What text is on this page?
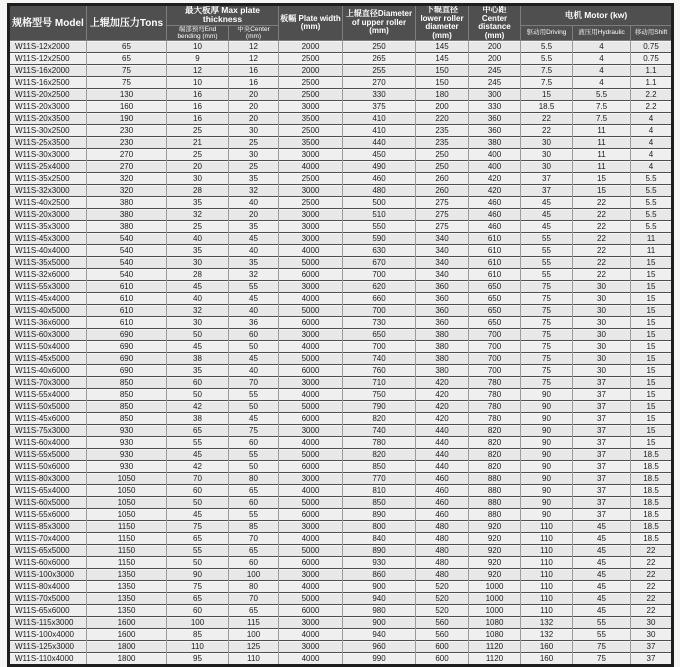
规格型号 Model	上辊加压力Tons	最大板厚 Max plate thickness		板幅 Plate width (mm)	上辊直径Diameter of upper roller (mm)	下辊直径 lower roller diameter (mm)	中心距 Center distance (mm)	电机 Motor (kw)		
		端部预弯End bending (mm)	中央Center (mm)					驱动用Driving	液压用Hydraulic	移动用Shift
W11S-12x2000	65	10	12	2000	250	145	200	5.5	4	0.75
W11S-12x2500	65	9	12	2500	265	145	200	5.5	4	0.75
W11S-16x2000	75	12	16	2000	255	150	245	7.5	4	1.1
W11S-16x2500	75	10	16	2500	270	150	245	7.5	4	1.1
W11S-20x2500	130	16	20	2500	330	180	300	15	5.5	2.2
W11S-20x3000	160	16	20	3000	375	200	330	18.5	7.5	2.2
W11S-20x3500	190	16	20	3500	410	220	360	22	7.5	4
W11S-30x2500	230	25	30	2500	410	235	360	22	11	4
W11S-25x3500	230	21	25	3500	440	235	380	30	11	4
W11S-30x3000	270	25	30	3000	450	250	400	30	11	4
W11S-25x4000	270	20	25	4000	490	250	400	30	11	4
W11S-35x2500	320	30	35	2500	460	260	420	37	15	5.5
W11S-32x3000	320	28	32	3000	480	260	420	37	15	5.5
W11S-40x2500	380	35	40	2500	500	275	460	45	22	5.5
W11S-20x3000	380	32	20	3000	510	275	460	45	22	5.5
W11S-35x3000	380	25	35	3000	550	275	460	45	22	5.5
W11S-45x3000	540	40	45	3000	590	340	610	55	22	11
W11S-40x4000	540	35	40	4000	630	340	610	55	22	11
W11S-35x5000	540	30	35	5000	670	340	610	55	22	15
W11S-32x6000	540	28	32	6000	700	340	610	55	22	15
W11S-55x3000	610	45	55	3000	620	360	650	75	30	15
W11S-45x4000	610	40	45	4000	660	360	650	75	30	15
W11S-40x5000	610	32	40	5000	700	360	650	75	30	15
W11S-36x6000	610	30	36	6000	730	360	650	75	30	15
W11S-60x3000	690	50	60	3000	650	380	700	75	30	15
W11S-50x4000	690	45	50	4000	700	380	700	75	30	15
W11S-45x5000	690	38	45	5000	740	380	700	75	30	15
W11S-40x6000	690	35	40	6000	760	380	700	75	30	15
W11S-70x3000	850	60	70	3000	710	420	780	75	37	15
W11S-55x4000	850	50	55	4000	750	420	780	90	37	15
W11S-50x5000	850	42	50	5000	790	420	780	90	37	15
W11S-45x6000	850	38	45	6000	820	420	780	90	37	15
W11S-75x3000	930	65	75	3000	740	440	820	90	37	15
W11S-60x4000	930	55	60	4000	780	440	820	90	37	15
W11S-55x5000	930	45	55	5000	820	440	820	90	37	18.5
W11S-50x6000	930	42	50	6000	850	440	820	90	37	18.5
W11S-80x3000	1050	70	80	3000	770	460	880	90	37	18.5
W11S-65x4000	1050	60	65	4000	810	460	880	90	37	18.5
W11S-60x5000	1050	50	60	5000	850	460	880	90	37	18.5
W11S-55x6000	1050	45	55	6000	890	460	880	90	37	18.5
W11S-85x3000	1150	75	85	3000	800	480	920	110	45	18.5
W11S-70x4000	1150	65	70	4000	840	480	920	110	45	18.5
W11S-65x5000	1150	55	65	5000	890	480	920	110	45	22
W11S-60x6000	1150	50	60	6000	930	480	920	110	45	22
W11S-100x3000	1350	90	100	3000	860	480	920	110	45	22
W11S-80x4000	1350	75	80	4000	900	520	1000	110	45	22
W11S-70x5000	1350	65	70	5000	940	520	1000	110	45	22
W11S-65x6000	1350	60	65	6000	980	520	1000	110	45	22
W11S-115x3000	1600	100	115	3000	900	560	1080	132	55	30
W11S-100x4000	1600	85	100	4000	940	560	1080	132	55	30
W11S-125x3000	1800	110	125	3000	960	600	1120	160	75	37
W11S-110x4000	1800	95	110	4000	990	600	1120	160	75	37
